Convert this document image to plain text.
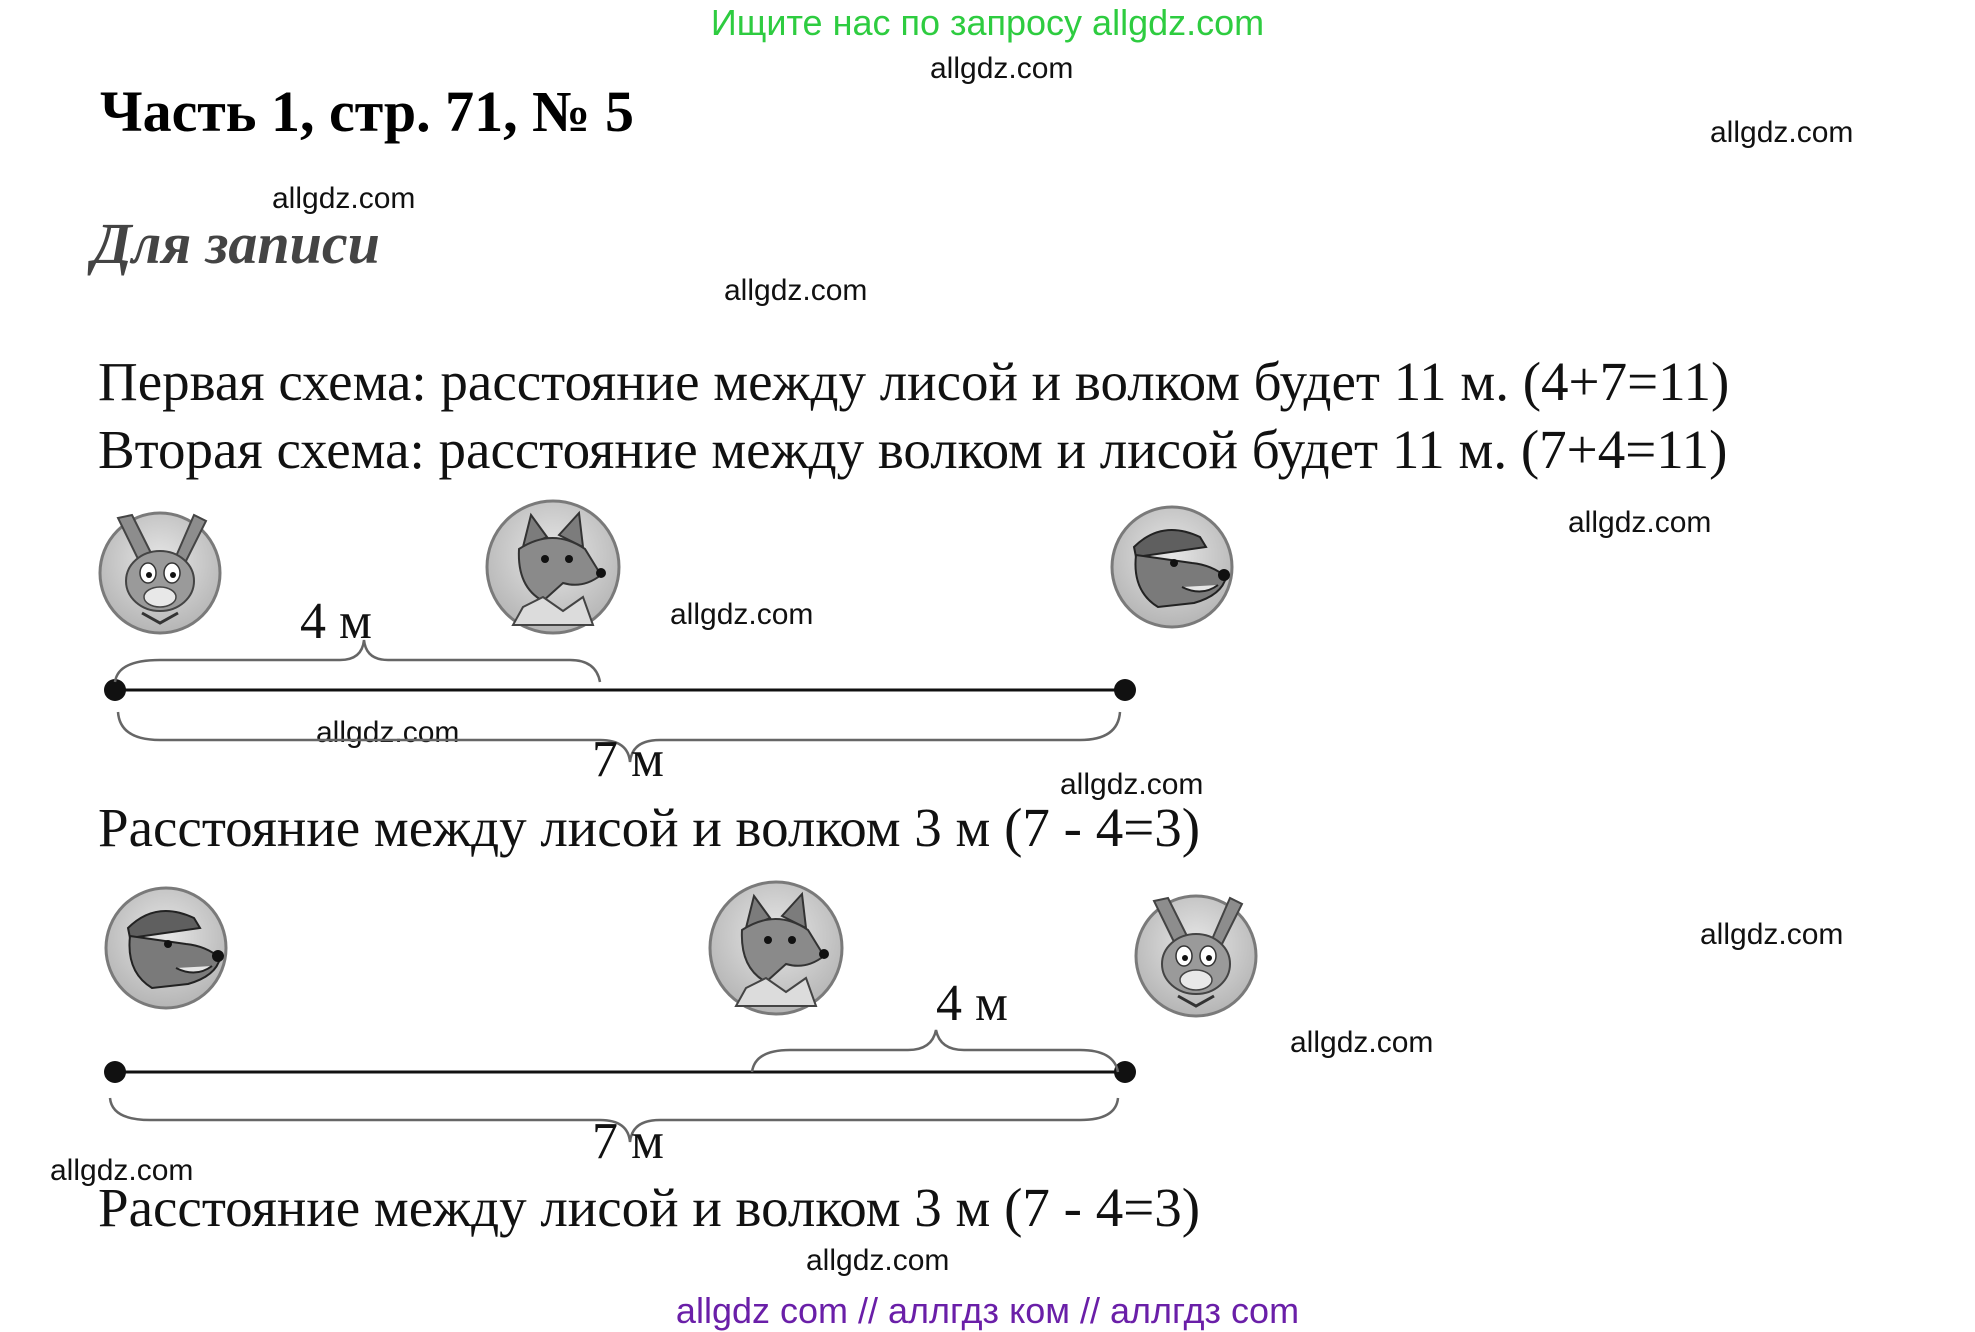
Ищите нас по запросу allgdz.com
allgdz.com
allgdz.com
allgdz.com
allgdz.com
allgdz.com
allgdz.com
allgdz.com
allgdz.com
allgdz.com
allgdz.com
allgdz.com
allgdz.com
Часть 1, стр. 71, № 5
Для записи
Первая схема: расстояние между лисой и волком будет 11 м. (4+7=11)
Вторая схема: расстояние между волком и лисой будет 11 м. (7+4=11)
4 м
7 м
4 м
7 м
Расстояние между лисой и волком 3 м (7 - 4=3)
Расстояние между лисой и волком 3 м (7 - 4=3)
allgdz com // аллгдз ком // аллгдз com
